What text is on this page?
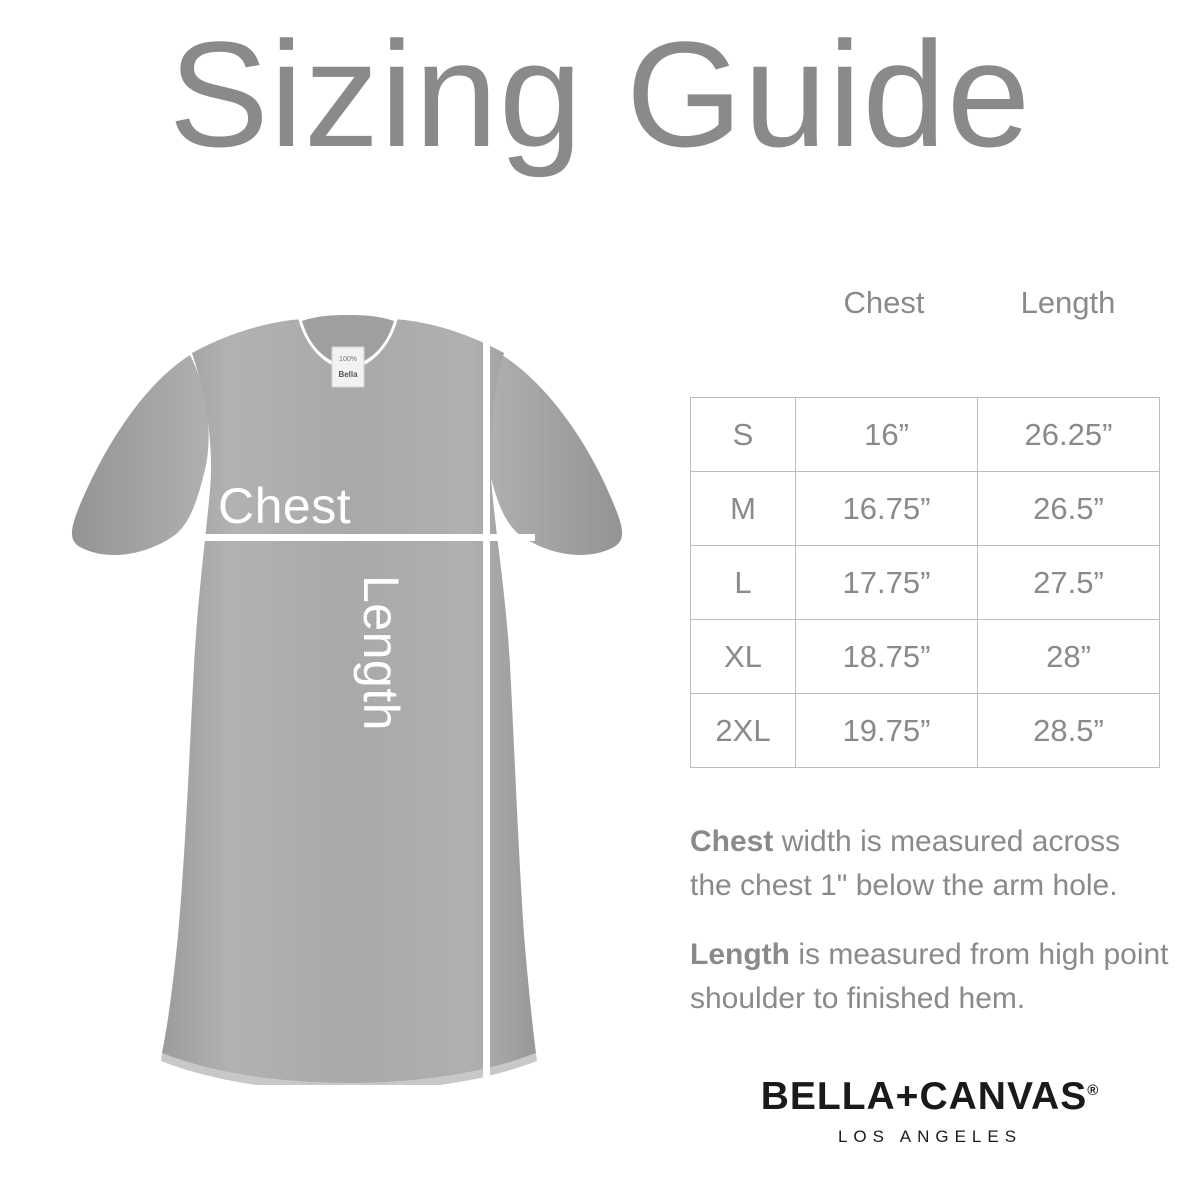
Sizing Guide
100%
Bella
Chest
Length
Chest	Length
S	16”	26.25”
M	16.75”	26.5”
L	17.75”	27.5”
XL	18.75”	28”
2XL	19.75”	28.5”
Chest width is measured across the chest 1" below the arm hole.
Length is measured from high point shoulder to finished hem.
BELLA+CANVAS®
LOS ANGELES
